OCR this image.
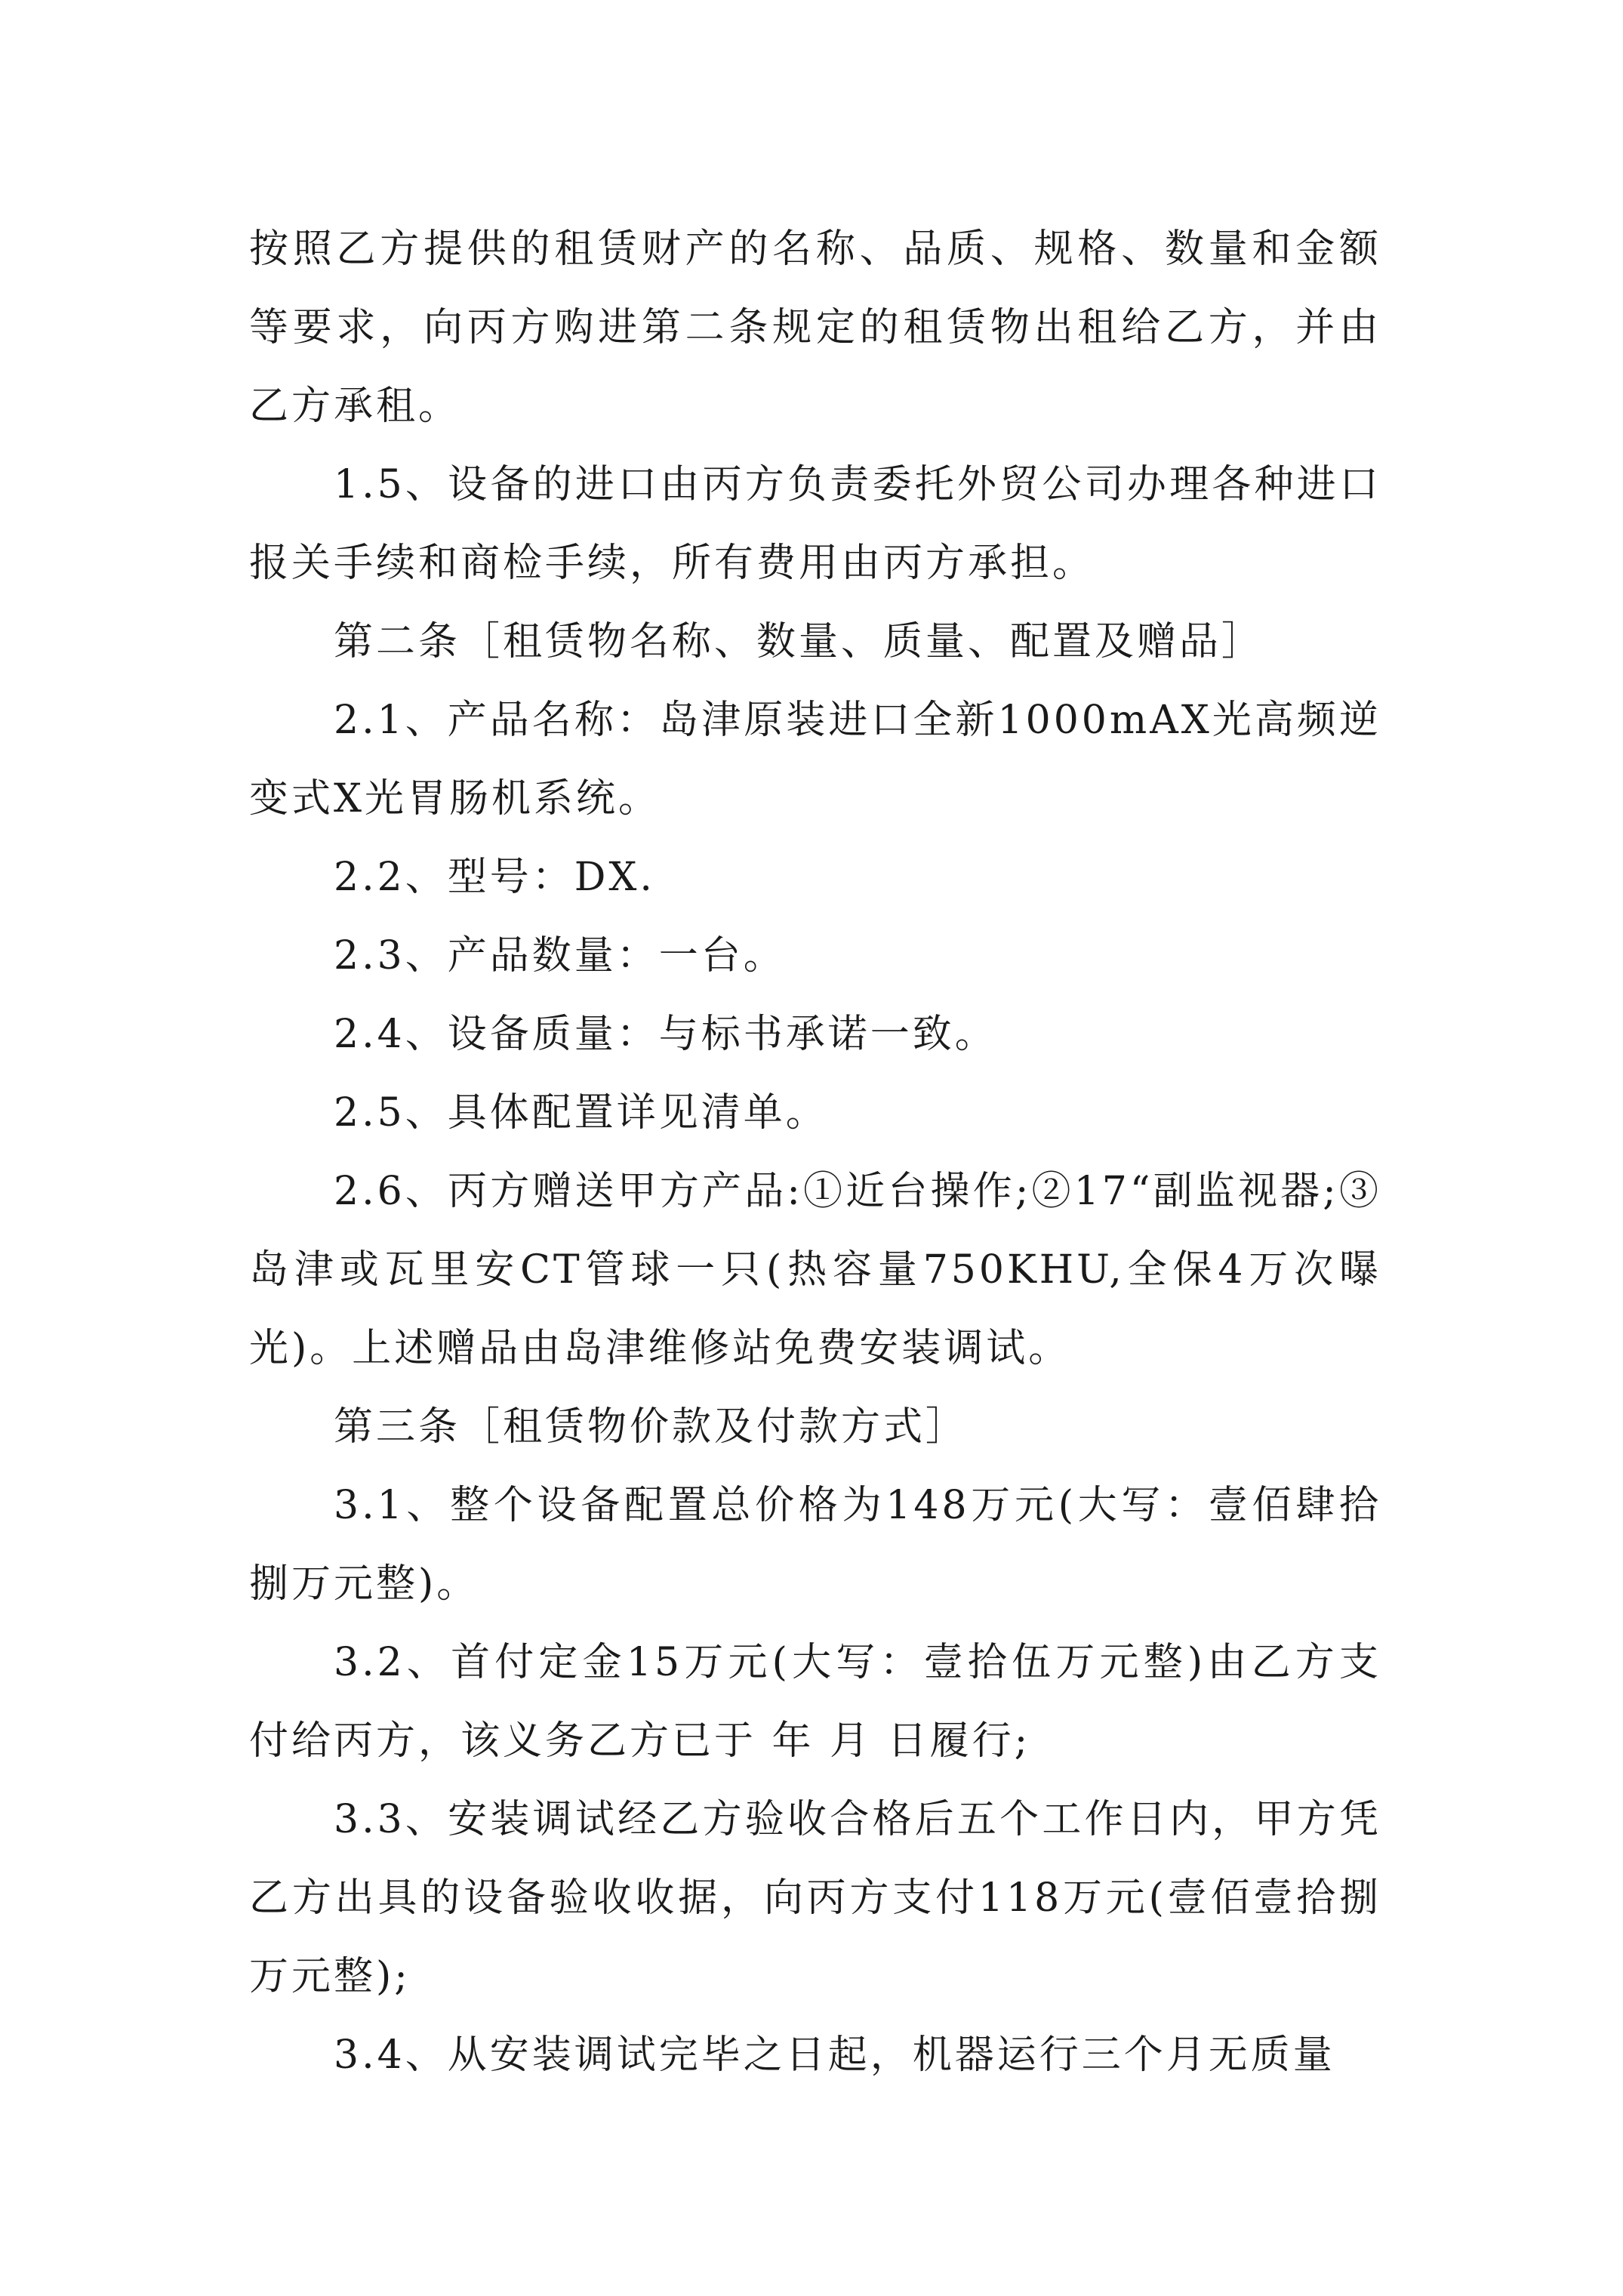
按照乙方提供的租赁财产的名称、品质、规格、数量和金额等要求，向丙方购进第二条规定的租赁物出租给乙方，并由乙方承租。

1.5、设备的进口由丙方负责委托外贸公司办理各种进口报关手续和商检手续，所有费用由丙方承担。

第二条［租赁物名称、数量、质量、配置及赠品］

2.1、产品名称：岛津原装进口全新1000mAX光高频逆变式X光胃肠机系统。

2.2、型号：DX.

2.3、产品数量：一台。

2.4、设备质量：与标书承诺一致。

2.5、具体配置详见清单。

2.6、丙方赠送甲方产品:①近台操作;②17“副监视器;③岛津或瓦里安CT管球一只(热容量750KHU,全保4万次曝光)。上述赠品由岛津维修站免费安装调试。

第三条［租赁物价款及付款方式］

3.1、整个设备配置总价格为148万元(大写：壹佰肆拾捌万元整)。

3.2、首付定金15万元(大写：壹拾伍万元整)由乙方支付给丙方，该义务乙方已于 年 月 日履行;

3.3、安装调试经乙方验收合格后五个工作日内，甲方凭乙方出具的设备验收收据，向丙方支付118万元(壹佰壹拾捌万元整);

3.4、从安装调试完毕之日起，机器运行三个月无质量
